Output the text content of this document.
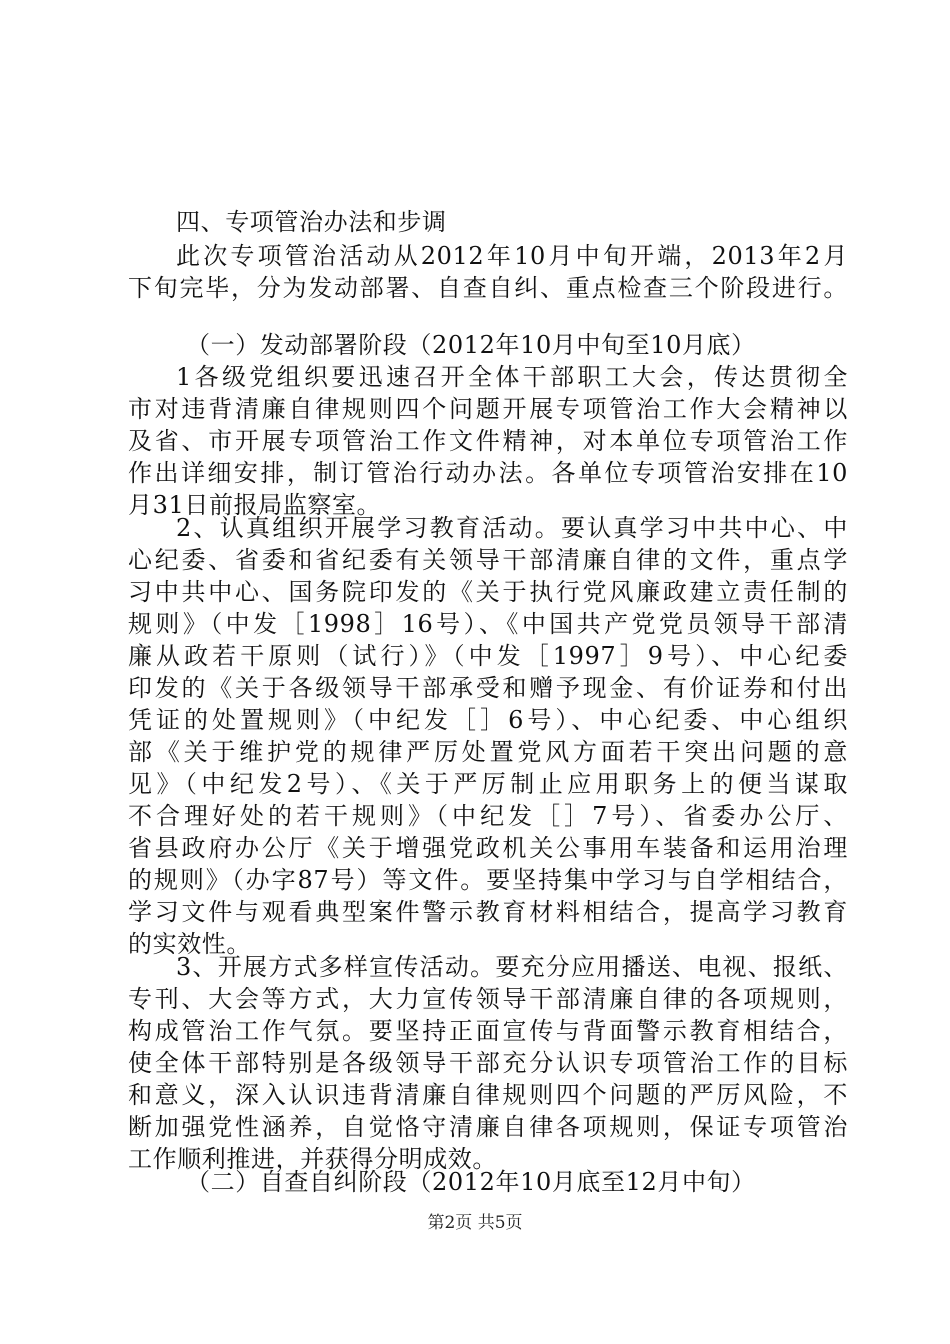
四、专项管治办法和步调
此次专项管治活动从2012年10月中旬开端，2013年2月
下旬完毕，分为发动部署、自查自纠、重点检查三个阶段进行。
（一）发动部署阶段（2012年10月中旬至10月底）
1各级党组织要迅速召开全体干部职工大会，传达贯彻全
市对违背清廉自律规则四个问题开展专项管治工作大会精神以
及省、市开展专项管治工作文件精神，对本单位专项管治工作
作出详细安排，制订管治行动办法。各单位专项管治安排在10
月31日前报局监察室。
2、认真组织开展学习教育活动。要认真学习中共中心、中
心纪委、省委和省纪委有关领导干部清廉自律的文件，重点学
习中共中心、国务院印发的《关于执行党风廉政建立责任制的
规则》（中发［1998］16号）、《中国共产党党员领导干部清
廉从政若干原则（试行）》（中发［1997］9号）、中心纪委
印发的《关于各级领导干部承受和赠予现金、有价证券和付出
凭证的处置规则》（中纪发［］6号）、中心纪委、中心组织
部《关于维护党的规律严厉处置党风方面若干突出问题的意
见》（中纪发2号）、《关于严厉制止应用职务上的便当谋取
不合理好处的若干规则》（中纪发［］7号）、省委办公厅、
省县政府办公厅《关于增强党政机关公事用车装备和运用治理
的规则》（办字87号）等文件。要坚持集中学习与自学相结合，
学习文件与观看典型案件警示教育材料相结合，提高学习教育
的实效性。
3、开展方式多样宣传活动。要充分应用播送、电视、报纸、
专刊、大会等方式，大力宣传领导干部清廉自律的各项规则，
构成管治工作气氛。要坚持正面宣传与背面警示教育相结合，
使全体干部特别是各级领导干部充分认识专项管治工作的目标
和意义，深入认识违背清廉自律规则四个问题的严厉风险，不
断加强党性涵养，自觉恪守清廉自律各项规则，保证专项管治
工作顺利推进，并获得分明成效。
（二）自查自纠阶段（2012年10月底至12月中旬）
第2页 共5页
